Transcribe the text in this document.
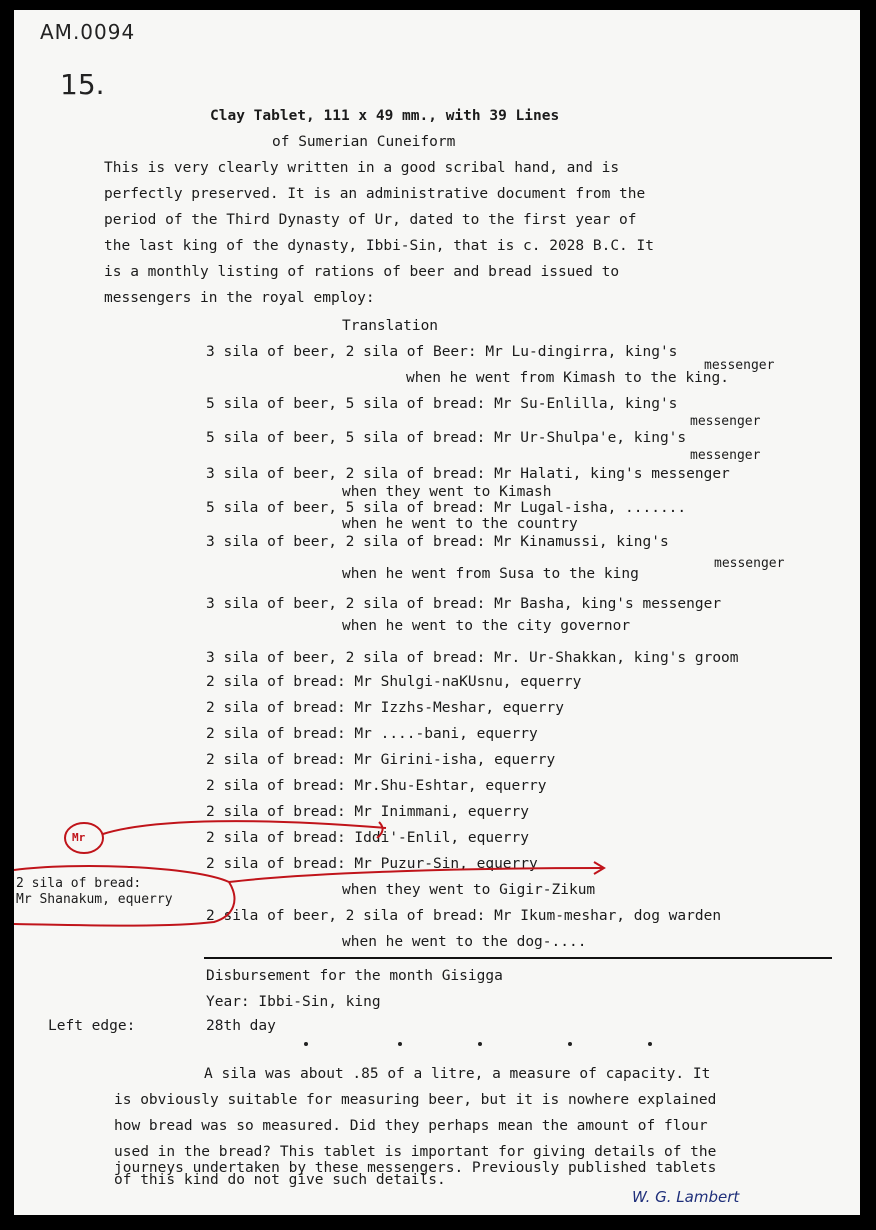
AM.0094
15.
Clay Tablet, 111 x 49 mm., with 39 Lines
of Sumerian Cuneiform
This is very clearly written in a good scribal hand, and is
perfectly preserved. It is an administrative document from the
period of the Third Dynasty of Ur, dated to the first year of
the last king of the dynasty, Ibbi-Sin, that is c. 2028 B.C. It
is a monthly listing of rations of beer and bread issued to
messengers in the royal employ:
Translation
3 sila of beer, 2 sila of Beer: Mr Lu-dingirra, king's
when he went from Kimash to the king.
messenger
5 sila of beer, 5 sila of bread: Mr Su-Enlilla, king's
messenger
5 sila of beer, 5 sila of bread: Mr Ur-Shulpa'e, king's
messenger
3 sila of beer, 2 sila of bread: Mr Halati, king's messenger
when they went to Kimash
5 sila of beer, 5 sila of bread: Mr Lugal-isha, .......
when he went to the country
3 sila of beer, 2 sila of bread: Mr Kinamussi, king's
messenger
when he went from Susa to the king
3 sila of beer, 2 sila of bread: Mr Basha, king's messenger
when he went to the city governor
3 sila of beer, 2 sila of bread: Mr. Ur-Shakkan, king's groom
2 sila of bread: Mr Shulgi-naKUsnu, equerry
2 sila of bread: Mr Izzhs-Meshar, equerry
2 sila of bread: Mr ....-bani, equerry
2 sila of bread: Mr Girini-isha, equerry
2 sila of bread: Mr.Shu-Eshtar, equerry
2 sila of bread: Mr Inimmani, equerry
2 sila of bread: Iddi'-Enlil, equerry
2 sila of bread: Mr Puzur-Sin, equerry
when they went to Gigir-Zikum
2 sila of beer, 2 sila of bread: Mr Ikum-meshar, dog warden
when he went to the dog-....
Mr
2 sila of bread:
Mr Shanakum, equerry
Disbursement for the month Gisigga
Year: Ibbi-Sin, king
Left edge:	28th day
A sila was about .85 of a litre, a measure of capacity. It
is obviously suitable for measuring beer, but it is nowhere explained
how bread was so measured. Did they perhaps mean the amount of flour
used in the bread? This tablet is important for giving details of the
journeys undertaken by these messengers. Previously published tablets
of this kind do not give such details.
W. G. Lambert
